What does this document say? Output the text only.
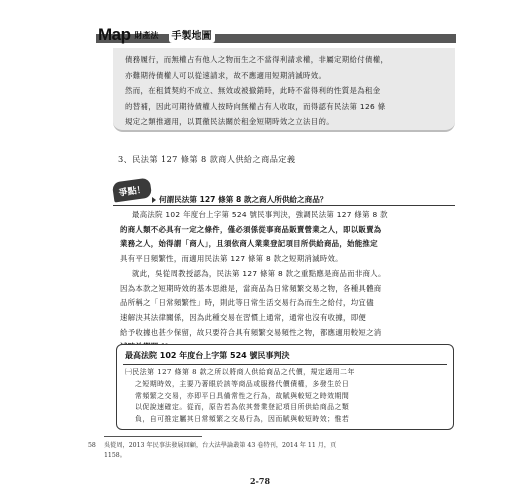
Map 財產法	手製地圖

債務履行，而無權占有他人之物而生之不當得利請求權，非屬定期給付債權，

亦難期待債權人可以從速請求，故不應適用短期消滅時效。

然而，在租賃契約不成立、無效或被撤銷時，此時不當得利的性質是為租金

的替補，因此可期待債權人按時向無權占有人收取，而得認有民法第 126 條

規定之類推適用，以貫徹民法關於租金短期時效之立法目的。

3、民法第 127 條第 8 款商人供給之商品定義
爭點！
何謂民法第 127 條第 8 款之商人所供給之商品？

最高法院 102 年度台上字第 524 號民事判決，強調民法第 127 條第 8 款

的商人類不必具有一定之條件，僅必須係從事商品販賣營業之人，即以販賣為

業務之人，始得謂「商人」，且須依商人業業登記項目所供給商品，始能推定

具有平日頻繁性，而適用民法第 127 條第 8 款之短期消滅時效。

就此，吳從周教授認為，民法第 127 條第 8 款之重點應是商品而非商人。

因為本款之短期時效的基本思維是，當商品為日常頻繁交易之物，各種具體商

品所稱之「日常頻繁性」時，則此等日常生活交易行為而生之給付，均宜儘

速解決其法律關係，因為此種交易在習慣上通常，通常也沒有收據，即便

給予收據也甚少保留，故只要符合具有頻繁交易頻性之物，都應適用較短之消

最高法院 102 年度台上字第 524 號民事判決

㈠民法第 127 條第 8 款之所以將商人供給商品之代價，規定適用二年

之短期時效，主要乃著眼於該等商品或服務代價債權，多發生於日

常頻繁之交易，亦即平日具備常性之行為，故賦與較短之時效期間

以促說速確定。從而，原告若為依其營業登記項目所供給商品之類

負，自可推定屬其日常頻繁之交易行為，因而賦與較短時效；惟若

58 吳從周，2013 年民事法發展回顧，台大法學論叢第 43 卷特刊，2014 年 11 月，頁
1158。
2-78
